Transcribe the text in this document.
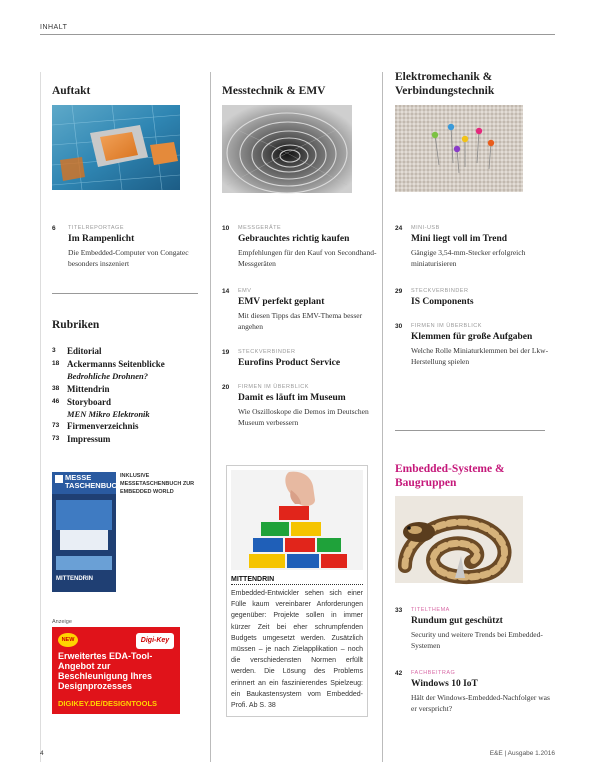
INHALT
Auftakt
6 TITELREPORTAGE
Im Rampenlicht
Die Embedded-Computer von Congatec besonders inszeniert
Rubriken
3 Editorial
18 Ackermanns Seitenblicke
Bedrohliche Drohnen?
38 Mittendrin
46 Storyboard
MEN Mikro Elektronik
73 Firmenverzeichnis
73 Impressum
MESSE TASCHENBUCH
MITTENDRIN
INKLUSIVE MESSETASCHENBUCH ZUR EMBEDDED WORLD
Anzeige
NEW	Digi-Key
Erweitertes EDA-Tool-Angebot zur Beschleunigung Ihres Designprozesses
DIGIKEY.DE/DESIGNTOOLS
Messtechnik & EMV
10 MESSGERÄTE
Gebrauchtes richtig kaufen
Empfehlungen für den Kauf von Secondhand-Messgeräten
14 EMV
EMV perfekt geplant
Mit diesen Tipps das EMV-Thema besser angehen
19 STECKVERBINDER
Eurofins Product Service
20 FIRMEN IM ÜBERBLICK
Damit es läuft im Museum
Wie Oszilloskope die Demos im Deutschen Museum verbessern
MITTENDRIN
Embedded-Entwickler sehen sich einer Fülle kaum vereinbarer Anforderungen gegenüber: Projekte sollen in immer kürzer Zeit bei eher schrumpfenden Budgets umgesetzt werden. Zusätzlich müssen – je nach Zielapplikation – noch die verschiedensten Normen erfüllt werden. Die Lösung des Problems erinnert an ein faszinierendes Spielzeug: ein Baukastensystem vom Embedded-Profi. Ab S. 38
Elektromechanik & Verbindungstechnik
24 MINI-USB
Mini liegt voll im Trend
Gängige 3,54-mm-Stecker erfolgreich miniaturisieren
29 STECKVERBINDER
IS Components
30 FIRMEN IM ÜBERBLICK
Klemmen für große Aufgaben
Welche Rolle Miniaturklemmen bei der Lkw-Herstellung spielen
Embedded-Systeme & Baugruppen
33 TITELTHEMA
Rundum gut geschützt
Security und weitere Trends bei Embedded-Systemen
42 FACHBEITRAG
Windows 10 IoT
Hält der Windows-Embedded-Nachfolger was er verspricht?
4	E&E | Ausgabe 1.2016
